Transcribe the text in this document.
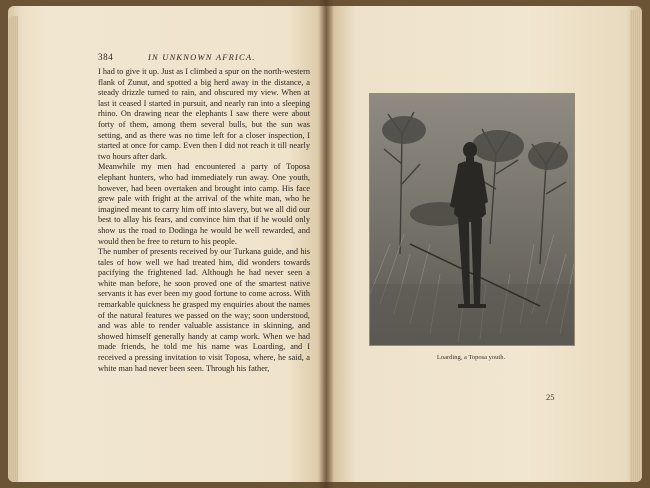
384	IN UNKNOWN AFRICA.

I had to give it up. Just as I climbed a spur on the north-western flank of Zunut, and spotted a big herd away in the distance, a steady drizzle turned to rain, and obscured my view. When at last it ceased I started in pursuit, and nearly ran into a sleeping rhino. On drawing near the elephants I saw there were about forty of them, among them several bulls, but the sun was setting, and as there was no time left for a closer inspection, I started at once for camp. Even then I did not reach it till nearly two hours after dark.

Meanwhile my men had encountered a party of Toposa elephant hunters, who had immediately run away. One youth, however, had been overtaken and brought into camp. His face grew pale with fright at the arrival of the white man, who he imagined meant to carry him off into slavery, but we all did our best to allay his fears, and convince him that if he would only show us the road to Dodinga he would be well rewarded, and would then be free to return to his people.

The number of presents received by our Turkana guide, and his tales of how well we had treated him, did wonders towards pacifying the frightened lad. Although he had never seen a white man before, he soon proved one of the smartest native servants it has ever been my good fortune to come across. With remarkable quickness he grasped my enquiries about the names of the natural features we passed on the way; soon understood, and was able to render valuable assistance in skinning, and showed himself generally handy at camp work. When we had made friends, he told me his name was Loarding, and I received a pressing invitation to visit Toposa, where, he said, a white man had never been seen. Through his father,

Loarding, a Toposa youth.
25
